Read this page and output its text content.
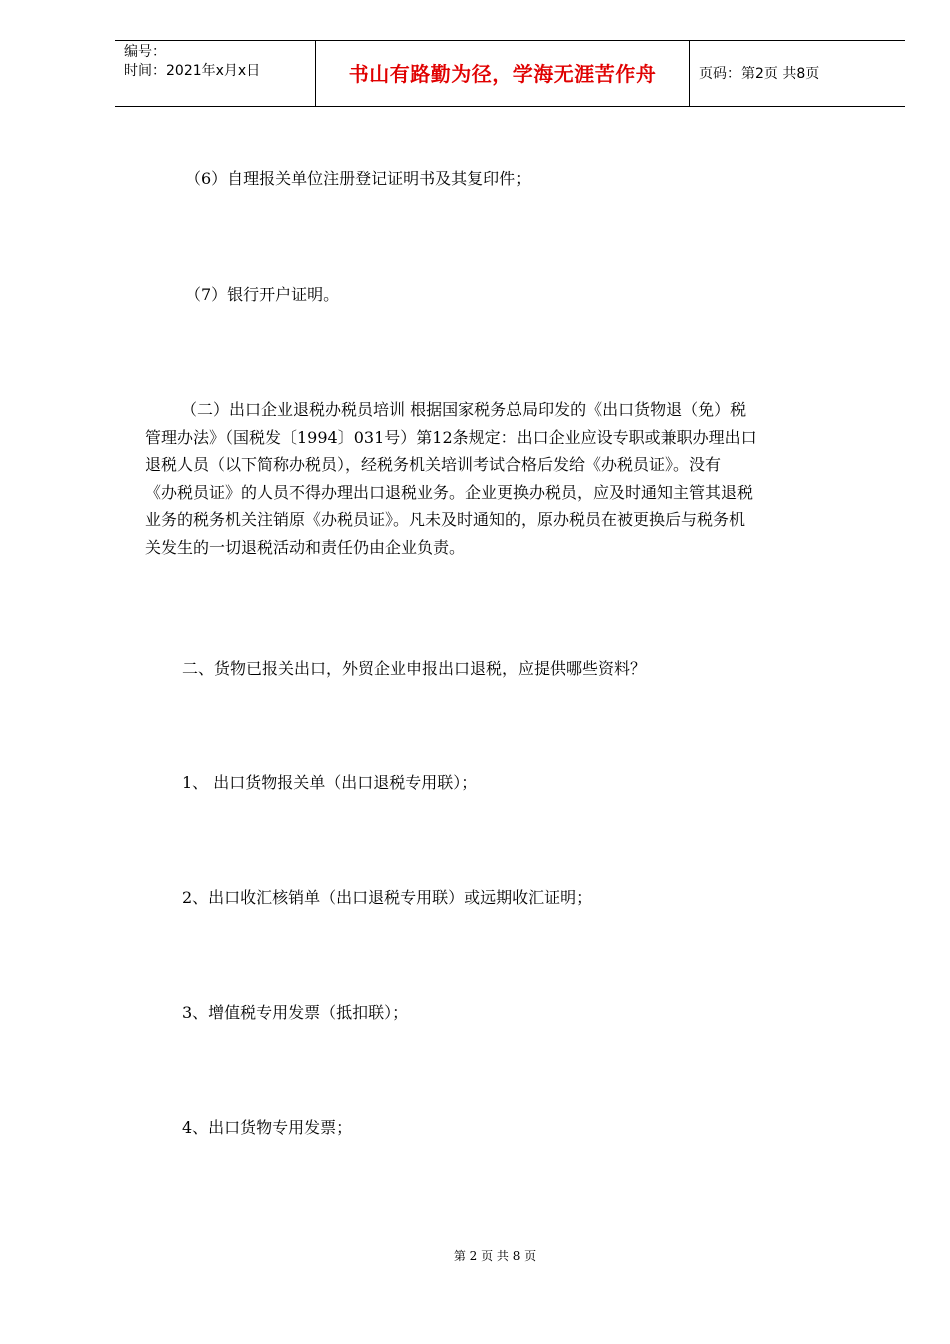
编号：
时间：2021年x月x日	书山有路勤为径，学海无涯苦作舟	页码：第2页 共8页

（6）自理报关单位注册登记证明书及其复印件；

（7）银行开户证明。

（二）出口企业退税办税员培训 根据国家税务总局印发的《出口货物退（免）税
管理办法》（国税发〔1994〕031号）第12条规定：出口企业应设专职或兼职办理出口
退税人员（以下简称办税员），经税务机关培训考试合格后发给《办税员证》。没有
《办税员证》的人员不得办理出口退税业务。企业更换办税员，应及时通知主管其退税
业务的税务机关注销原《办税员证》。凡未及时通知的，原办税员在被更换后与税务机
关发生的一切退税活动和责任仍由企业负责。

二、货物已报关出口，外贸企业申报出口退税，应提供哪些资料？

1、 出口货物报关单（出口退税专用联）；

2、出口收汇核销单（出口退税专用联）或远期收汇证明；

3、增值税专用发票（抵扣联）；

4、出口货物专用发票；

第 2 页 共 8 页
